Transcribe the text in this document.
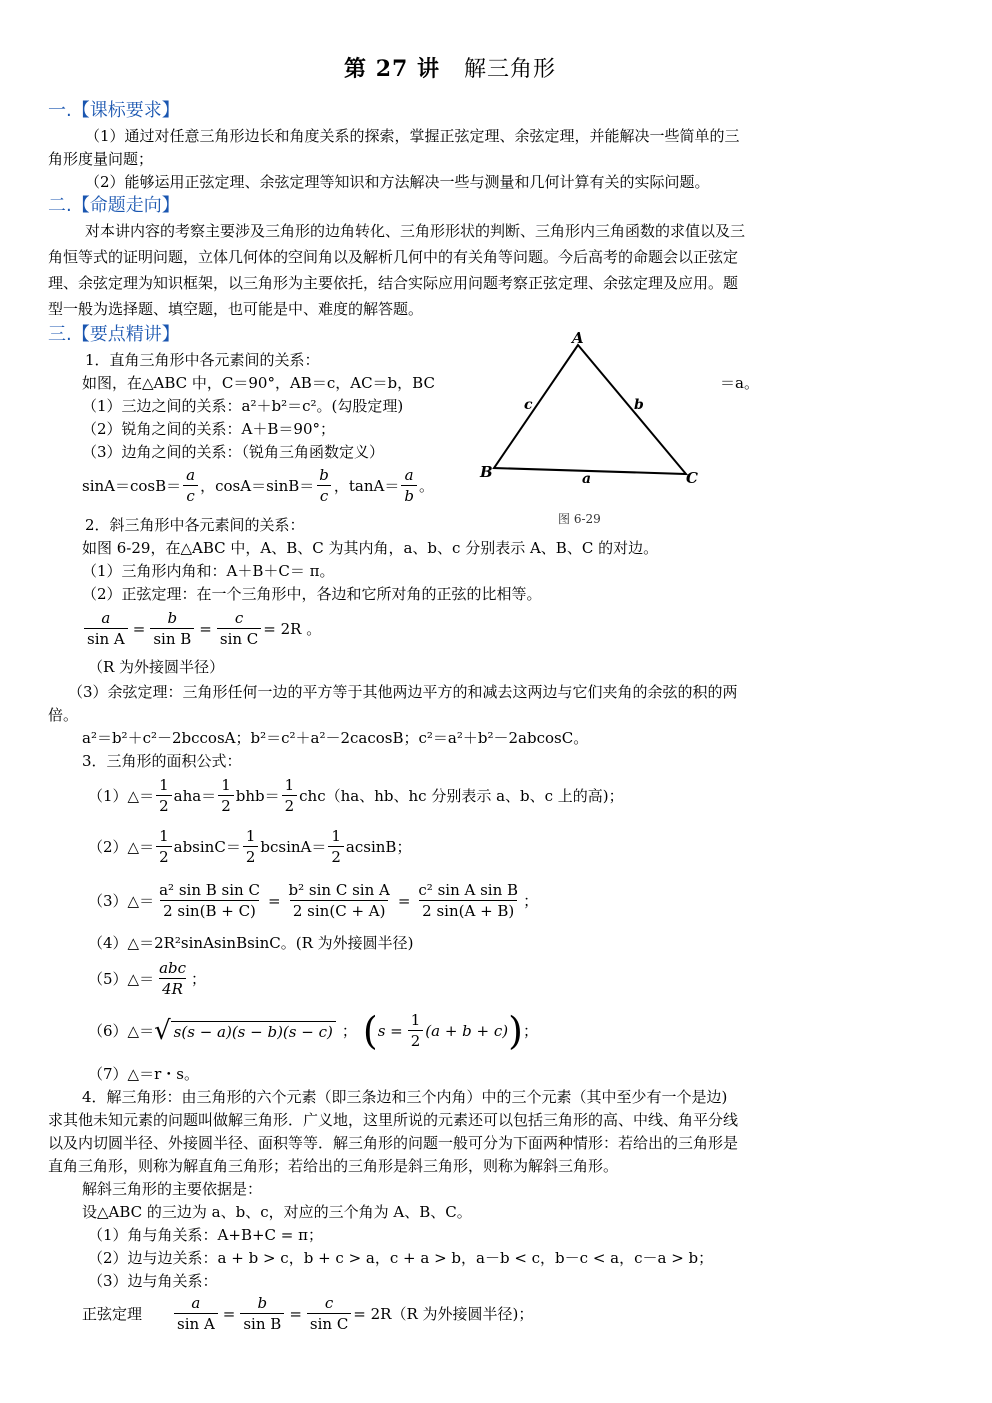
第 27 讲 解三角形
一.【课标要求】
（1）通过对任意三角形边长和角度关系的探索，掌握正弦定理、余弦定理，并能解决一些简单的三
角形度量问题；
（2）能够运用正弦定理、余弦定理等知识和方法解决一些与测量和几何计算有关的实际问题。
二.【命题走向】
对本讲内容的考察主要涉及三角形的边角转化、三角形形状的判断、三角形内三角函数的求值以及三
角恒等式的证明问题，立体几何体的空间角以及解析几何中的有关角等问题。今后高考的命题会以正弦定
理、余弦定理为知识框架，以三角形为主要依托，结合实际应用问题考察正弦定理、余弦定理及应用。题
型一般为选择题、填空题，也可能是中、难度的解答题。
三.【要点精讲】
1．直角三角形中各元素间的关系：
如图，在△ABC 中，C＝90°，AB＝c，AC＝b，BC	＝a。
（1）三边之间的关系：a²＋b²＝c²。(勾股定理)
（2）锐角之间的关系：A＋B＝90°；
（3）边角之间的关系：（锐角三角函数定义）
$\sin A=\cos B= \frac{a}{c}$ ，$\cos A=\sin B= \frac{b}{c}$ ，$\tan A= \frac{a}{b}$ 。
A
B	C
a
b
c
图 6-29
2．斜三角形中各元素间的关系：
如图 6-29，在△ABC 中，A、B、C 为其内角，a、b、c 分别表示 A、B、C 的对边。
（1）三角形内角和：A＋B＋C＝ π。
（2）正弦定理：在一个三角形中，各边和它所对角的正弦的比相等。
$\frac{a}{\text{sin A}} = \frac{b}{\text{sin B}} = \frac{c}{\text{sin C}} = 2R$ 。
（R 为外接圆半径）
（3）余弦定理：三角形任何一边的平方等于其他两边平方的和减去这两边与它们夹角的余弦的积的两
倍。
a²＝b²＋c²－2bccosA；b²＝c²＋a²－2cacosB；c²＝a²＋b²－2abcosC。
3．三角形的面积公式：
（1）△＝ $\frac{1}{2} aha= \frac{1}{2} bhb= \frac{1}{2} chc(ha$、hb、hc 分别表示 a、b、c 上的高)；
（2）△＝ $\frac{1}{2} absinC= \frac{1}{2} bcsinA= \frac{1}{2}$ acsinB；
（3）△＝ $\frac{\text{a² sin B sin C}}{2 \sin(B + C)} = \frac{\text{b² sin C sin A}}{2 \sin(C + A)} = \frac{\text{c² sin A sin B}}{2 \sin(A + B)}$ ；
（4）△＝2R²sinAsinBsinC。(R 为外接圆半径)
（5）△＝ $\frac{\text{abc}}{4R}$ ；
（6）△＝ √ s(s − a)(s − b)(s − c) ； ( $s = \frac{1}{2} (a + b + c)$ ) ；
（7）△＝r・s。
4．解三角形：由三角形的六个元素（即三条边和三个内角）中的三个元素（其中至少有一个是边)
求其他未知元素的问题叫做解三角形．广义地，这里所说的元素还可以包括三角形的高、中线、角平分线
以及内切圆半径、外接圆半径、面积等等．解三角形的问题一般可分为下面两种情形：若给出的三角形是
直角三角形，则称为解直角三角形；若给出的三角形是斜三角形，则称为解斜三角形。
解斜三角形的主要依据是：
设△ABC 的三边为 a、b、c，对应的三个角为 A、B、C。
（1）角与角关系：A+B+C = π；
（2）边与边关系：a + b > c，b + c > a，c + a > b，a－b < c，b－c < a，c－a > b；
（3）边与角关系：
正弦定理 $\frac{a}{\text{sin A}} = \frac{b}{\text{sin B}} = \frac{c}{\text{sin C}} = 2R(R$ 为外接圆半径)；
